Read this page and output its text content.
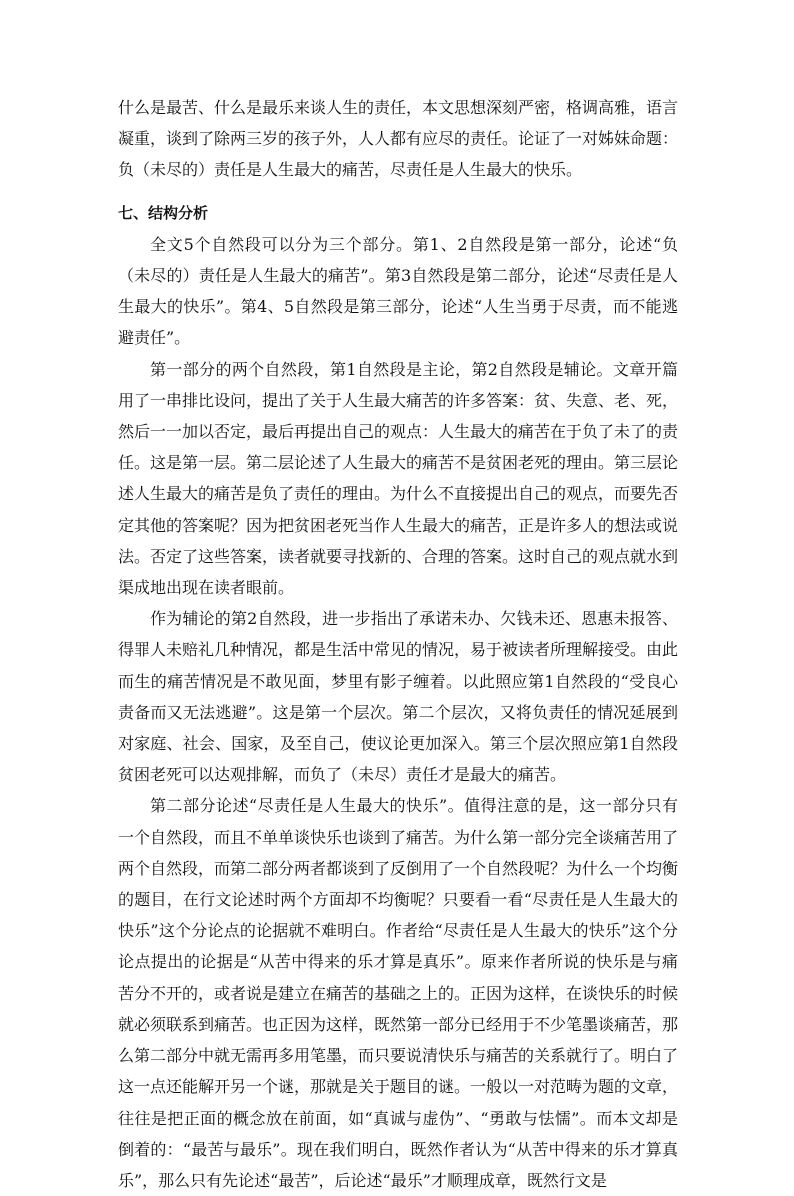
什么是最苦、什么是最乐来谈人生的责任，本文思想深刻严密，格调高雅，语言凝重，谈到了除两三岁的孩子外，人人都有应尽的责任。论证了一对姊妹命题：负（未尽的）责任是人生最大的痛苦，尽责任是人生最大的快乐。

七、结构分析

全文5个自然段可以分为三个部分。第1、2自然段是第一部分，论述“负（未尽的）责任是人生最大的痛苦”。第3自然段是第二部分，论述“尽责任是人生最大的快乐”。第4、5自然段是第三部分，论述“人生当勇于尽责，而不能逃避责任”。

第一部分的两个自然段，第1自然段是主论，第2自然段是辅论。文章开篇用了一串排比设问，提出了关于人生最大痛苦的许多答案：贫、失意、老、死，然后一一加以否定，最后再提出自己的观点：人生最大的痛苦在于负了未了的责任。这是第一层。第二层论述了人生最大的痛苦不是贫困老死的理由。第三层论述人生最大的痛苦是负了责任的理由。为什么不直接提出自己的观点，而要先否定其他的答案呢？因为把贫困老死当作人生最大的痛苦，正是许多人的想法或说法。否定了这些答案，读者就要寻找新的、合理的答案。这时自己的观点就水到渠成地出现在读者眼前。

作为辅论的第2自然段，进一步指出了承诺未办、欠钱未还、恩惠未报答、得罪人未赔礼几种情况，都是生活中常见的情况，易于被读者所理解接受。由此而生的痛苦情况是不敢见面，梦里有影子缠着。以此照应第1自然段的“受良心责备而又无法逃避”。这是第一个层次。第二个层次，又将负责任的情况延展到对家庭、社会、国家，及至自己，使议论更加深入。第三个层次照应第1自然段贫困老死可以达观排解，而负了（未尽）责任才是最大的痛苦。

第二部分论述“尽责任是人生最大的快乐”。值得注意的是，这一部分只有一个自然段，而且不单单谈快乐也谈到了痛苦。为什么第一部分完全谈痛苦用了两个自然段，而第二部分两者都谈到了反倒用了一个自然段呢？为什么一个均衡的题目，在行文论述时两个方面却不均衡呢？只要看一看“尽责任是人生最大的快乐”这个分论点的论据就不难明白。作者给“尽责任是人生最大的快乐”这个分论点提出的论据是“从苦中得来的乐才算是真乐”。原来作者所说的快乐是与痛苦分不开的，或者说是建立在痛苦的基础之上的。正因为这样，在谈快乐的时候就必须联系到痛苦。也正因为这样，既然第一部分已经用于不少笔墨谈痛苦，那么第二部分中就无需再多用笔墨，而只要说清快乐与痛苦的关系就行了。明白了这一点还能解开另一个谜，那就是关于题目的谜。一般以一对范畴为题的文章，往往是把正面的概念放在前面，如“真诚与虚伪”、“勇敢与怯懦”。而本文却是倒着的：“最苦与最乐”。现在我们明白，既然作者认为“从苦中得来的乐才算真乐”，那么只有先论述“最苦”，后论述“最乐”才顺理成章，既然行文是
